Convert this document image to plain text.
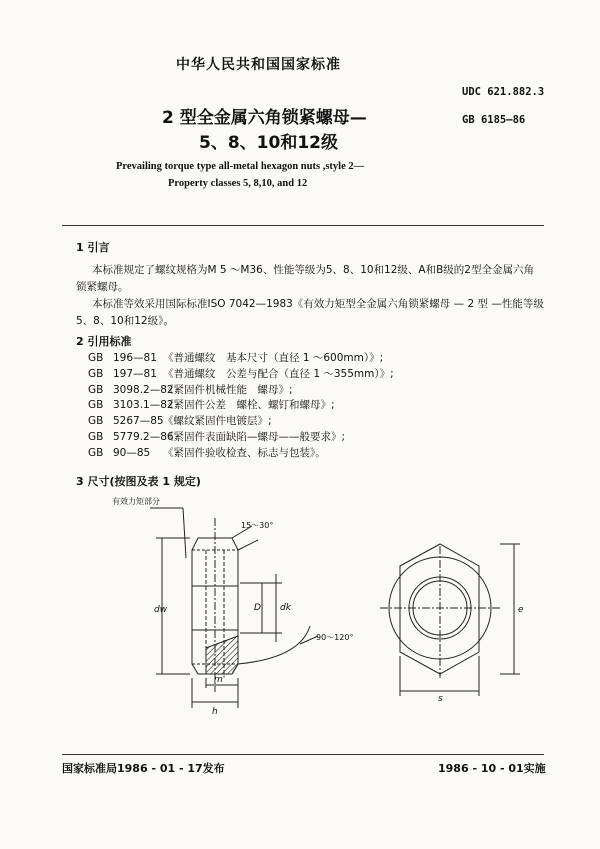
中华人民共和国国家标准
UDC 621.882.3
GB 6185—86
2 型全金属六角锁紧螺母—
5、8、10和12级
Prevailing torque type all-metal hexagon nuts ,style 2—
Property classes 5, 8,10, and 12
1 引言
本标准规定了螺纹规格为M 5 ～M36、性能等级为5、8、10和12级、A和B级的2型全金属六角
锁紧螺母。
本标准等效采用国际标准ISO 7042—1983《有效力矩型全金属六角锁紧螺母 — 2 型 —性能等级
5、8、10和12级》。
2 引用标准
GB 196—81 《普通螺纹　基本尺寸（直径 1 ～600mm）》;
GB 197—81 《普通螺纹　公差与配合（直径 1 ～355mm）》;
GB 3098.2—82《紧固件机械性能　螺母》;
GB 3103.1—82《紧固件公差　螺栓、螺钉和螺母》;
GB 5267—85《螺纹紧固件电镀层》;
GB 5779.2—86《紧固件表面缺陷—螺母——般要求》;
GB 90—85 《紧固件验收检查、标志与包装》。
3 尺寸(按图及表 1 规定)
有效力矩部分
15～30°
90～120°
dw	D dk
m'
h
s
e
国家标准局1986 - 01 - 17发布	1986 - 10 - 01实施
